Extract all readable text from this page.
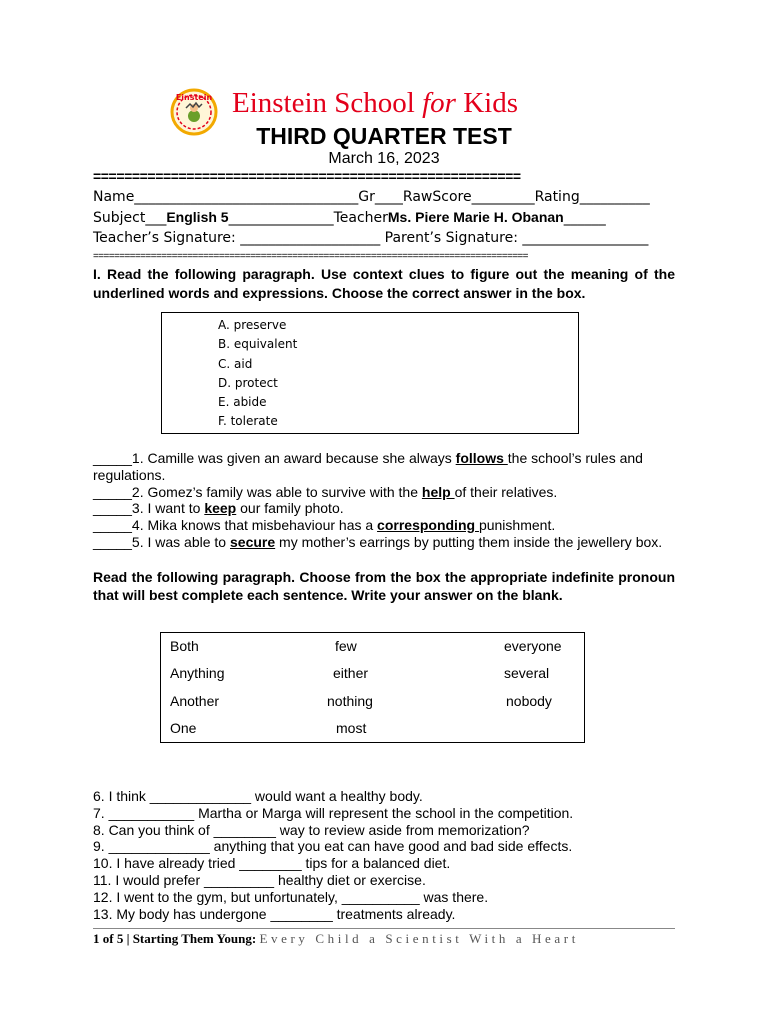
Einstein Einstein School for Kids
THIRD QUARTER TEST
March 16, 2023
=======================================================
Name________________________________Gr____RawScore_________Rating__________
Subject___English 5_______________TeacherMs. Piere Marie H. Obanan______
Teacher’s Signature: ____________________ Parent’s Signature: __________________
===================================================================================
I. Read the following paragraph. Use context clues to figure out the meaning of the underlined words and expressions. Choose the correct answer in the box.
A. preserve
B. equivalent
C. aid
D. protect
E. abide
F. tolerate
_____1. Camille was given an award because she always follows the school’s rules and regulations.
_____2. Gomez’s family was able to survive with the help of their relatives.
_____3. I want to keep our family photo.
_____4. Mika knows that misbehaviour has a corresponding punishment.
_____5. I was able to secure my mother’s earrings by putting them inside the jewellery box.
Read the following paragraph. Choose from the box the appropriate indefinite pronoun that will best complete each sentence. Write your answer on the blank.
Both
Anything
Another
One
few
either
nothing
most
everyone
several
nobody
6. I think _____________ would want a healthy body.
7. ___________ Martha or Marga will represent the school in the competition.
8. Can you think of ________ way to review aside from memorization?
9. _____________ anything that you eat can have good and bad side effects.
10. I have already tried ________ tips for a balanced diet.
11. I would prefer _________ healthy diet or exercise.
12. I went to the gym, but unfortunately, __________ was there.
13. My body has undergone ________ treatments already.
1 of 5 | Starting Them Young: Every Child a Scientist With a Heart
